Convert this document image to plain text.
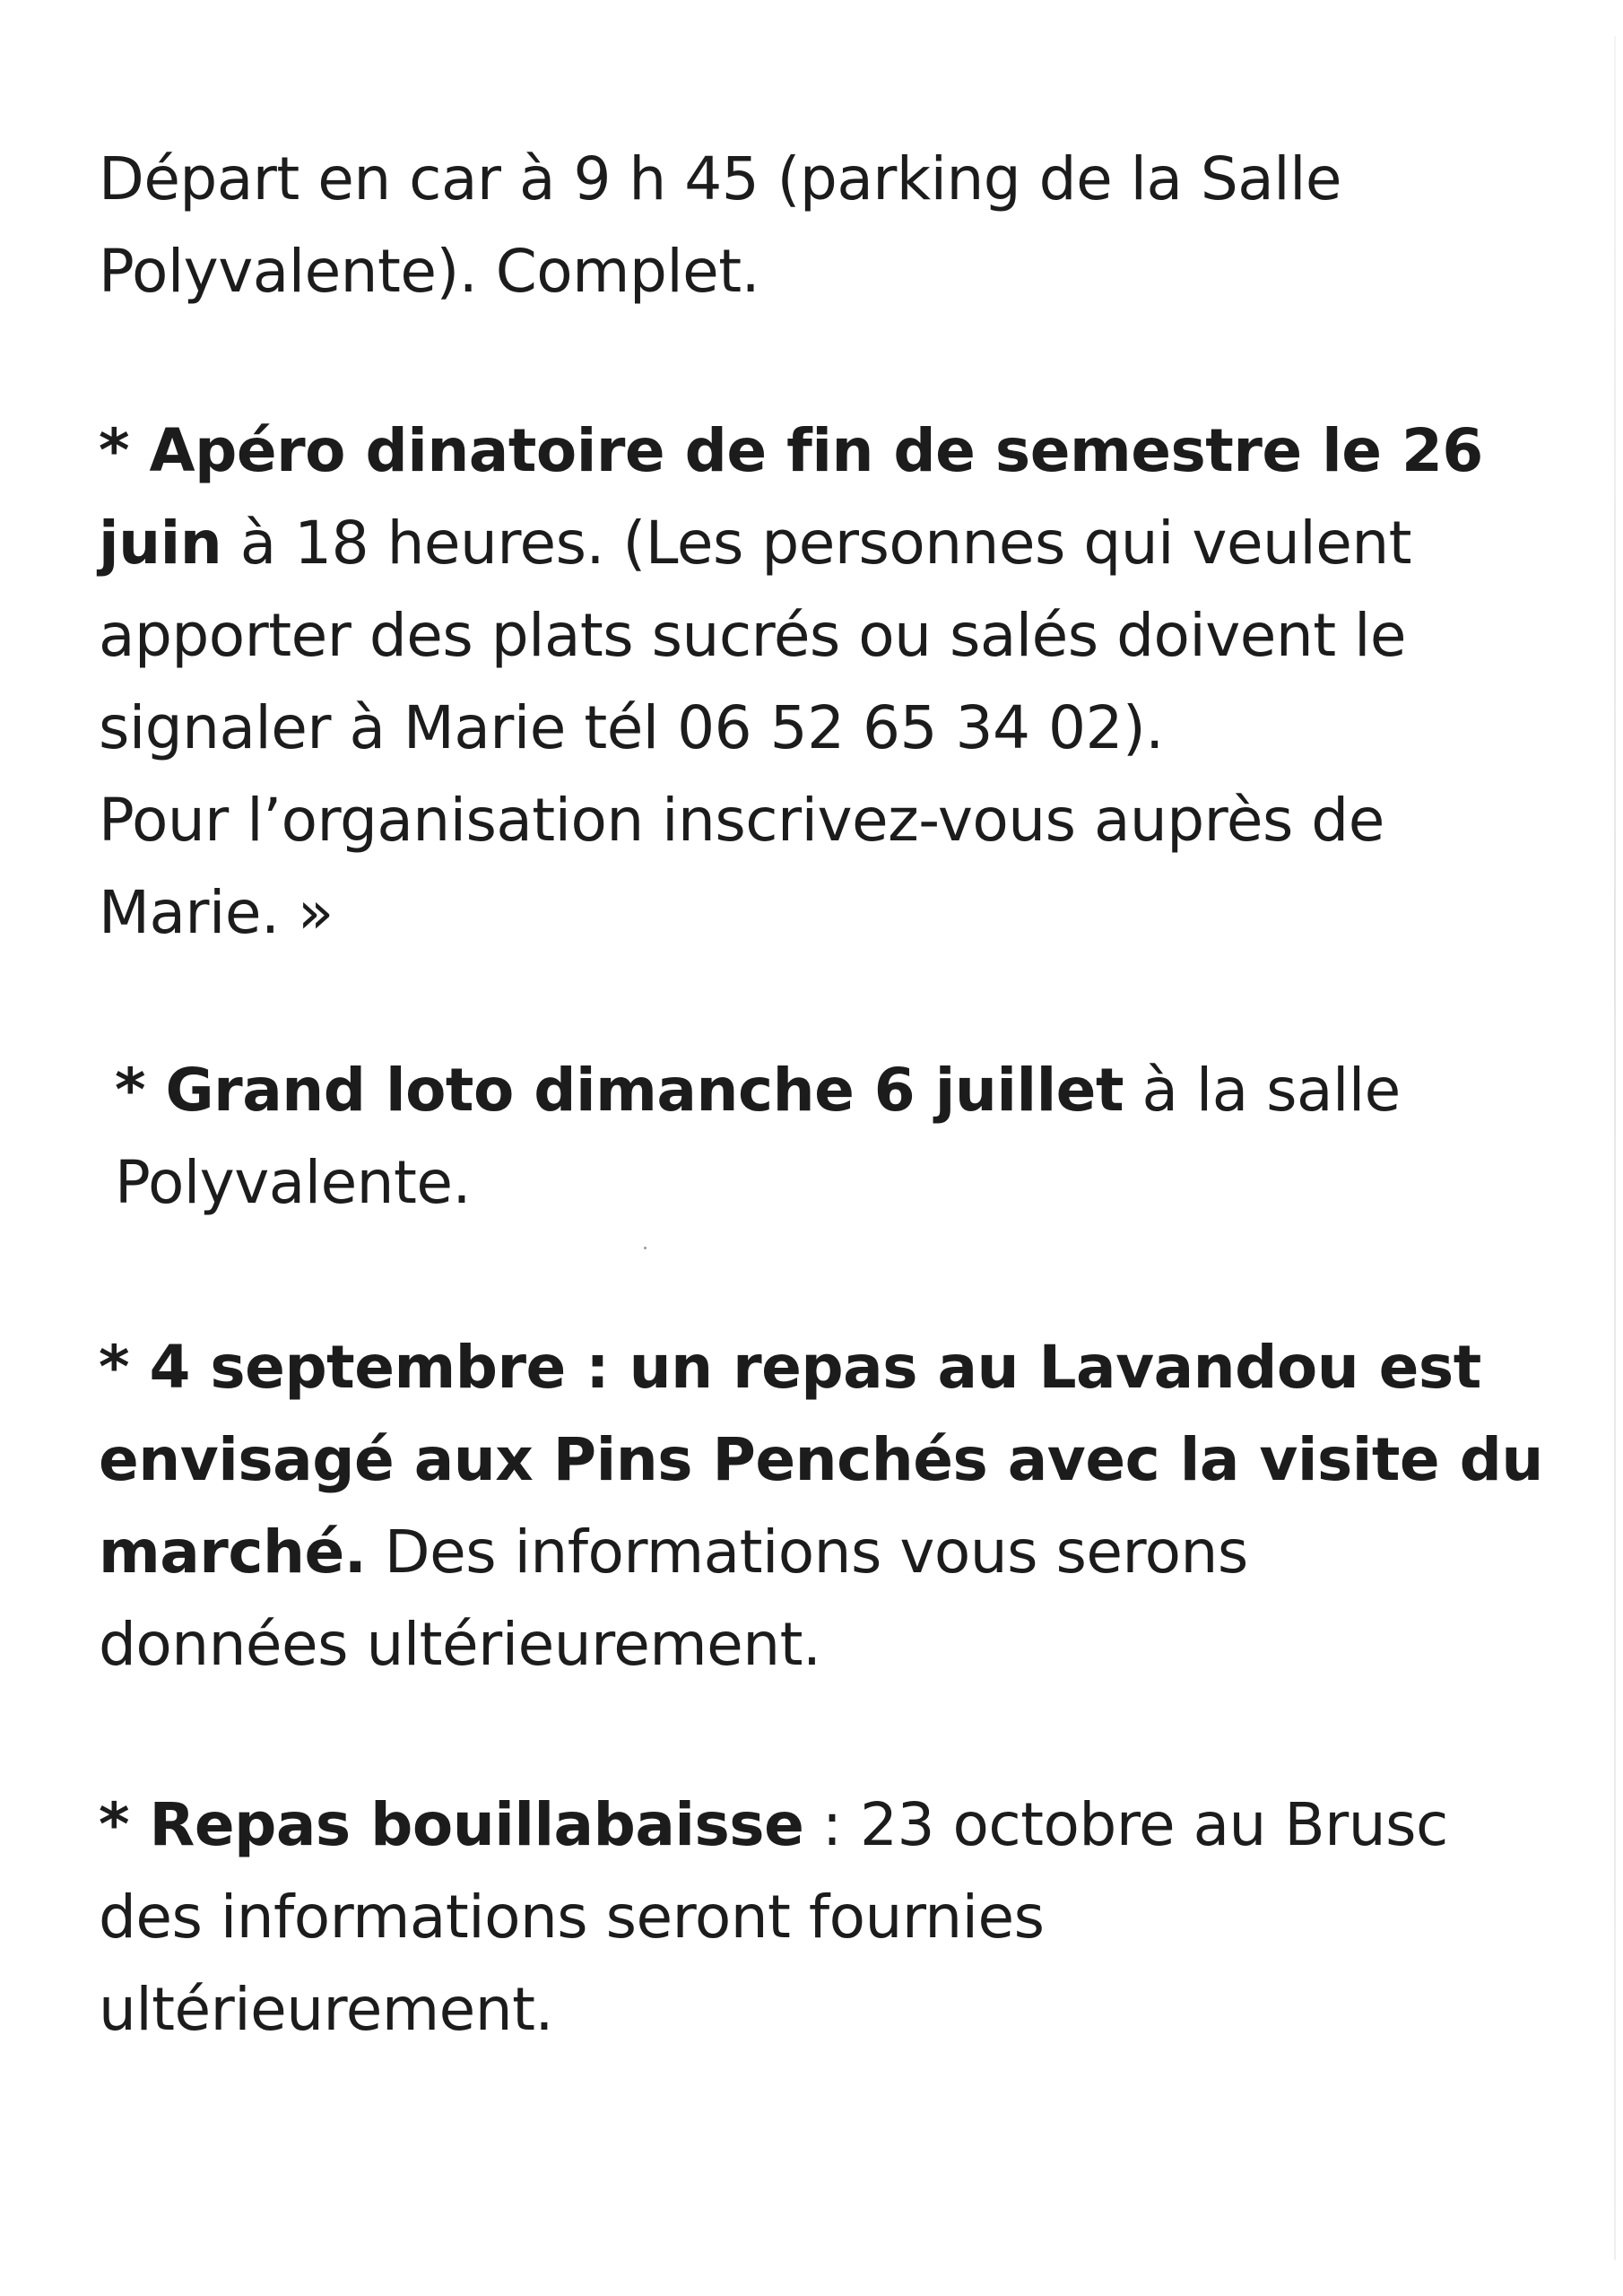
Départ en car à 9 h 45 (parking de la Salle
Polyvalente). Complet.
* Apéro dinatoire de fin de semestre le 26
juin à 18 heures. (Les personnes qui veulent
apporter des plats sucrés ou salés doivent le
signaler à Marie tél 06 52 65 34 02).
Pour l’organisation inscrivez-vous auprès de
Marie. »
* Grand loto dimanche 6 juillet à la salle
Polyvalente.
* 4 septembre : un repas au Lavandou est
envisagé aux Pins Penchés avec la visite du
marché. Des informations vous serons
données ultérieurement.
* Repas bouillabaisse : 23 octobre au Brusc
des informations seront fournies
ultérieurement.
